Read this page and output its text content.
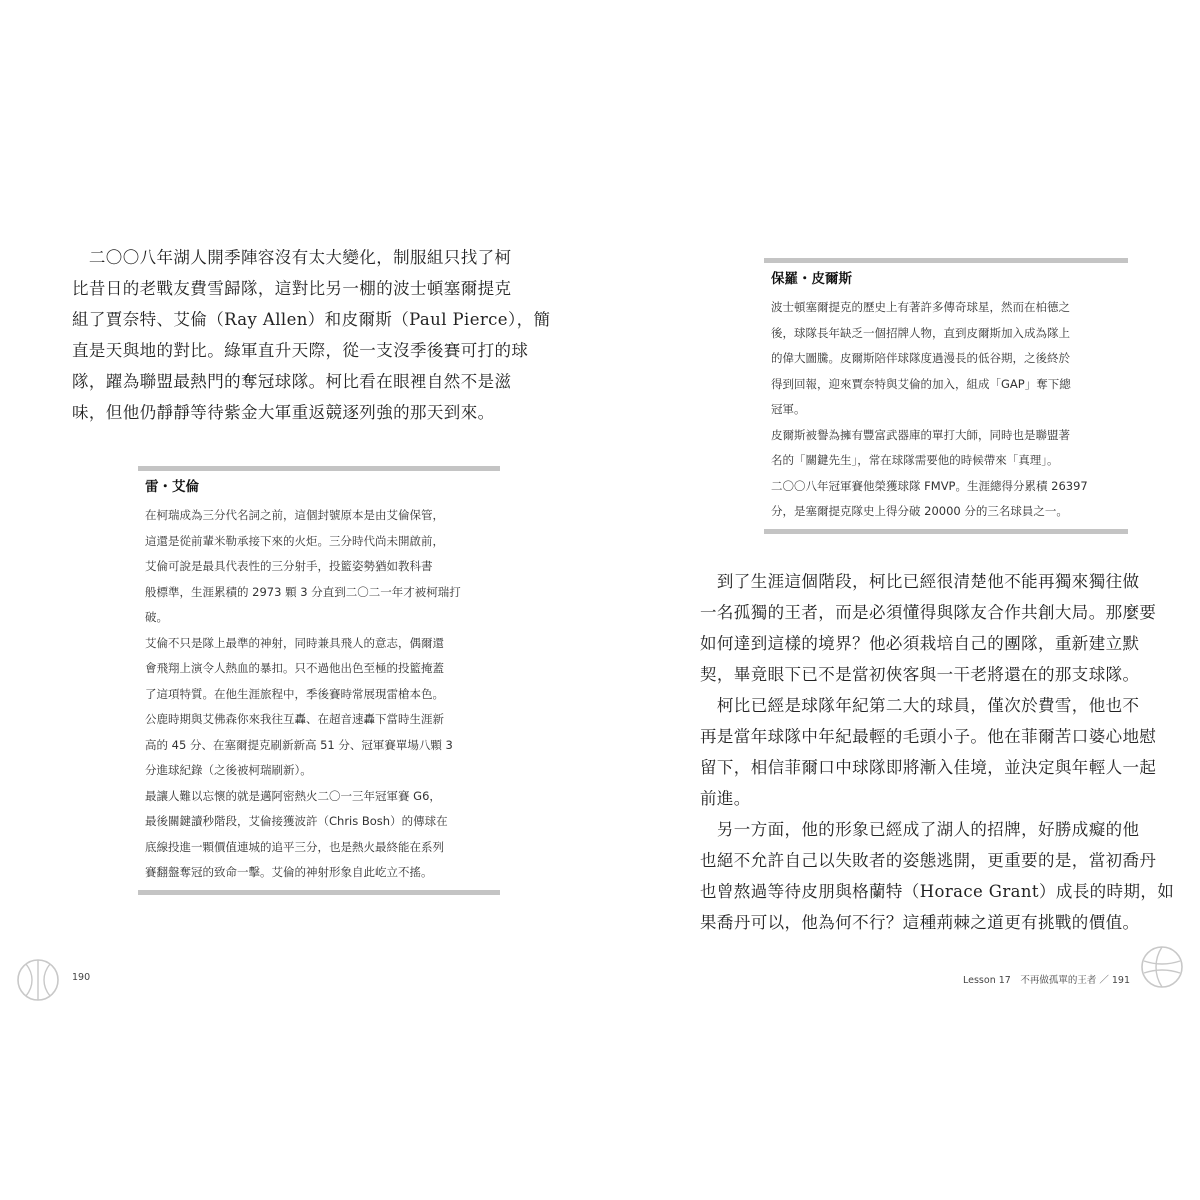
　二〇〇八年湖人開季陣容沒有太大變化，制服組只找了柯
比昔日的老戰友費雪歸隊，這對比另一棚的波士頓塞爾提克
組了賈奈特、艾倫（Ray Allen）和皮爾斯（Paul Pierce），簡
直是天與地的對比。綠軍直升天際，從一支沒季後賽可打的球
隊，躍為聯盟最熱門的奪冠球隊。柯比看在眼裡自然不是滋
味，但他仍靜靜等待紫金大軍重返競逐列強的那天到來。
雷・艾倫
在柯瑞成為三分代名詞之前，這個封號原本是由艾倫保管，
這還是從前輩米勒承接下來的火炬。三分時代尚未開啟前，
艾倫可說是最具代表性的三分射手，投籃姿勢猶如教科書
般標準，生涯累積的 2973 顆 3 分直到二〇二一年才被柯瑞打
破。
艾倫不只是隊上最準的神射，同時兼具飛人的意志，偶爾還
會飛翔上演令人熱血的暴扣。只不過他出色至極的投籃掩蓋
了這項特質。在他生涯旅程中，季後賽時常展現雷槍本色。
公鹿時期與艾佛森你來我往互轟、在超音速轟下當時生涯新
高的 45 分、在塞爾提克刷新新高 51 分、冠軍賽單場八顆 3
分進球紀錄（之後被柯瑞刷新）。
最讓人難以忘懷的就是邁阿密熱火二〇一三年冠軍賽 G6，
最後關鍵讀秒階段，艾倫接獲波許（Chris Bosh）的傳球在
底線投進一顆價值連城的追平三分，也是熱火最終能在系列
賽翻盤奪冠的致命一擊。艾倫的神射形象自此屹立不搖。
190
保羅・皮爾斯
波士頓塞爾提克的歷史上有著許多傳奇球星，然而在柏德之
後，球隊長年缺乏一個招牌人物，直到皮爾斯加入成為隊上
的偉大圖騰。皮爾斯陪伴球隊度過漫長的低谷期，之後終於
得到回報，迎來賈奈特與艾倫的加入，組成「GAP」奪下總
冠軍。
皮爾斯被譽為擁有豐富武器庫的單打大師，同時也是聯盟著
名的「關鍵先生」，常在球隊需要他的時候帶來「真理」。
二〇〇八年冠軍賽他榮獲球隊 FMVP。生涯總得分累積 26397
分，是塞爾提克隊史上得分破 20000 分的三名球員之一。
　到了生涯這個階段，柯比已經很清楚他不能再獨來獨往做
一名孤獨的王者，而是必須懂得與隊友合作共創大局。那麼要
如何達到這樣的境界？他必須栽培自己的團隊，重新建立默
契，畢竟眼下已不是當初俠客與一干老將還在的那支球隊。
　柯比已經是球隊年紀第二大的球員，僅次於費雪，他也不
再是當年球隊中年紀最輕的毛頭小子。他在菲爾苦口婆心地慰
留下，相信菲爾口中球隊即將漸入佳境，並決定與年輕人一起
前進。
　另一方面，他的形象已經成了湖人的招牌，好勝成癡的他
也絕不允許自己以失敗者的姿態逃開，更重要的是，當初喬丹
也曾熬過等待皮朋與格蘭特（Horace Grant）成長的時期，如
果喬丹可以，他為何不行？這種荊棘之道更有挑戰的價值。
Lesson 17　不再做孤單的王者 ／ 191
